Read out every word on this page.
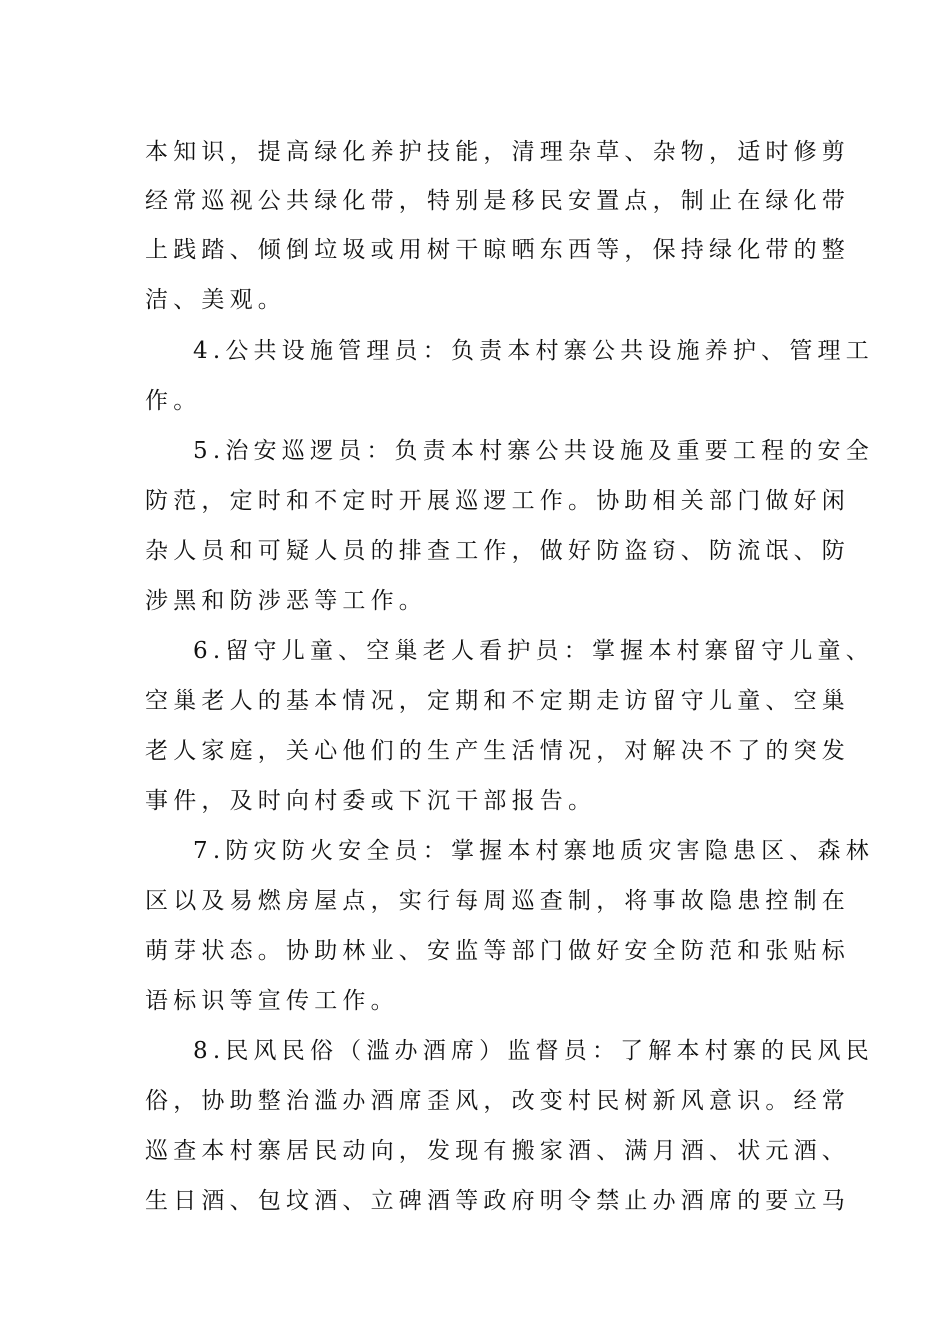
本知识，提高绿化养护技能，清理杂草、杂物，适时修剪
经常巡视公共绿化带，特别是移民安置点，制止在绿化带
上践踏、倾倒垃圾或用树干晾晒东西等，保持绿化带的整
洁、美观。
4.公共设施管理员：负责本村寨公共设施养护、管理工
作。
5.治安巡逻员：负责本村寨公共设施及重要工程的安全
防范，定时和不定时开展巡逻工作。协助相关部门做好闲
杂人员和可疑人员的排查工作，做好防盗窃、防流氓、防
涉黑和防涉恶等工作。
6.留守儿童、空巢老人看护员：掌握本村寨留守儿童、
空巢老人的基本情况，定期和不定期走访留守儿童、空巢
老人家庭，关心他们的生产生活情况，对解决不了的突发
事件，及时向村委或下沉干部报告。
7.防灾防火安全员：掌握本村寨地质灾害隐患区、森林
区以及易燃房屋点，实行每周巡查制，将事故隐患控制在
萌芽状态。协助林业、安监等部门做好安全防范和张贴标
语标识等宣传工作。
8.民风民俗（滥办酒席）监督员：了解本村寨的民风民
俗，协助整治滥办酒席歪风，改变村民树新风意识。经常
巡查本村寨居民动向，发现有搬家酒、满月酒、状元酒、
生日酒、包坟酒、立碑酒等政府明令禁止办酒席的要立马
